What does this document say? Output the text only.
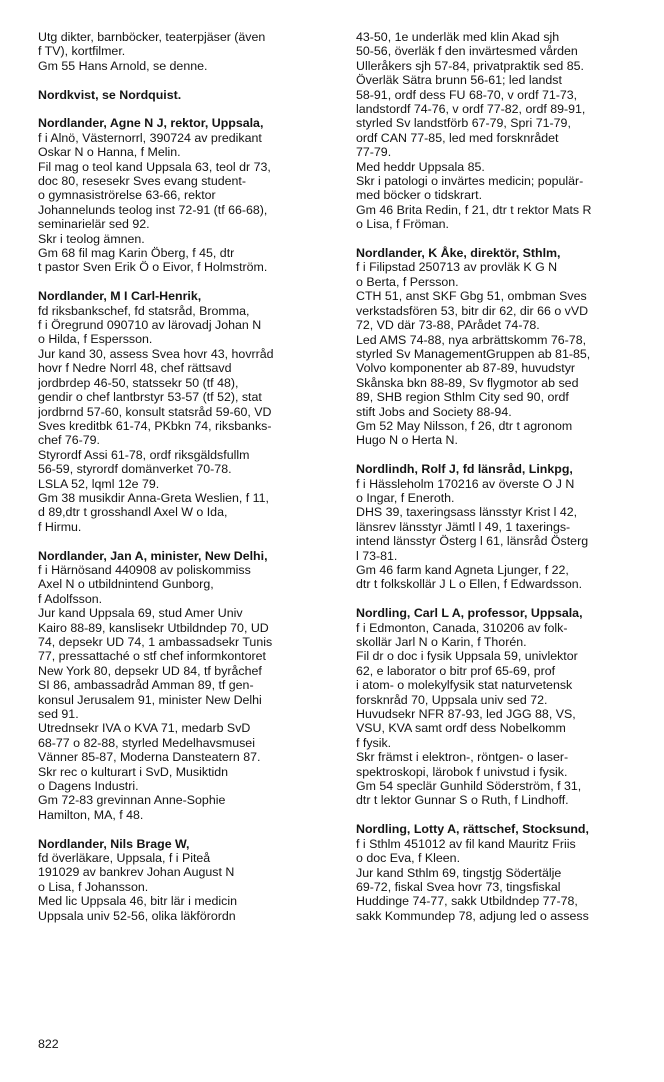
Utg dikter, barnböcker, teaterpjäser (även
f TV), kortfilmer.
Gm 55 Hans Arnold, se denne.
Nordkvist, se Nordquist.
Nordlander, Agne N J, rektor, Uppsala,
f i Alnö, Västernorrl, 390724 av predikant
Oskar N o Hanna, f Melin.
Fil mag o teol kand Uppsala 63, teol dr 73,
doc 80, resesekr Sves evang student-
o gymnasiströrelse 63-66, rektor
Johannelunds teolog inst 72-91 (tf 66-68),
seminarielär sed 92.
Skr i teolog ämnen.
Gm 68 fil mag Karin Öberg, f 45, dtr
t pastor Sven Erik Ö o Eivor, f Holmström.
Nordlander, M I Carl-Henrik,
fd riksbankschef, fd statsråd, Bromma,
f i Öregrund 090710 av lärovadj Johan N
o Hilda, f Espersson.
Jur kand 30, assess Svea hovr 43, hovrråd
hovr f Nedre Norrl 48, chef rättsavd
jordbrdep 46-50, statssekr 50 (tf 48),
gendir o chef lantbrstyr 53-57 (tf 52), stat
jordbrnd 57-60, konsult statsråd 59-60, VD
Sves kreditbk 61-74, PKbkn 74, riksbanks-
chef 76-79.
Styrordf Assi 61-78, ordf riksgäldsfullm
56-59, styrordf domänverket 70-78.
LSLA 52, lqml 12e 79.
Gm 38 musikdir Anna-Greta Weslien, f 11,
d 89,dtr t grosshandl Axel W o Ida,
f Hirmu.
Nordlander, Jan A, minister, New Delhi,
f i Härnösand 440908 av poliskommiss
Axel N o utbildnintend Gunborg,
f Adolfsson.
Jur kand Uppsala 69, stud Amer Univ
Kairo 88-89, kanslisekr Utbildndep 70, UD
74, depsekr UD 74, 1 ambassadsekr Tunis
77, pressattaché o stf chef informkontoret
New York 80, depsekr UD 84, tf byråchef
SI 86, ambassadråd Amman 89, tf gen-
konsul Jerusalem 91, minister New Delhi
sed 91.
Utrednsekr IVA o KVA 71, medarb SvD
68-77 o 82-88, styrled Medelhavsmusei
Vänner 85-87, Moderna Dansteatern 87.
Skr rec o kulturart i SvD, Musiktidn
o Dagens Industri.
Gm 72-83 grevinnan Anne-Sophie
Hamilton, MA, f 48.
Nordlander, Nils Brage W,
fd överläkare, Uppsala, f i Piteå
191029 av bankrev Johan August N
o Lisa, f Johansson.
Med lic Uppsala 46, bitr lär i medicin
Uppsala univ 52-56, olika läkförordn
43-50, 1e underläk med klin Akad sjh
50-56, överläk f den invärtesmed vården
Ulleråkers sjh 57-84, privatpraktik sed 85.
Överläk Sätra brunn 56-61; led landst
58-91, ordf dess FU 68-70, v ordf 71-73,
landstordf 74-76, v ordf 77-82, ordf 89-91,
styrled Sv landstförb 67-79, Spri 71-79,
ordf CAN 77-85, led med forsknrådet
77-79.
Med heddr Uppsala 85.
Skr i patologi o invärtes medicin; populär-
med böcker o tidskrart.
Gm 46 Brita Redin, f 21, dtr t rektor Mats R
o Lisa, f Fröman.
Nordlander, K Åke, direktör, Sthlm,
f i Filipstad 250713 av provläk K G N
o Berta, f Persson.
CTH 51, anst SKF Gbg 51, ombman Sves
verkstadsfören 53, bitr dir 62, dir 66 o vVD
72, VD där 73-88, PArådet 74-78.
Led AMS 74-88, nya arbrättskomm 76-78,
styrled Sv ManagementGruppen ab 81-85,
Volvo komponenter ab 87-89, huvudstyr
Skånska bkn 88-89, Sv flygmotor ab sed
89, SHB region Sthlm City sed 90, ordf
stift Jobs and Society 88-94.
Gm 52 May Nilsson, f 26, dtr t agronom
Hugo N o Herta N.
Nordlindh, Rolf J, fd länsråd, Linkpg,
f i Hässleholm 170216 av överste O J N
o Ingar, f Eneroth.
DHS 39, taxeringsass länsstyr Krist l 42,
länsrev länsstyr Jämtl l 49, 1 taxerings-
intend länsstyr Österg l 61, länsråd Österg
l 73-81.
Gm 46 farm kand Agneta Ljunger, f 22,
dtr t folkskollär J L o Ellen, f Edwardsson.
Nordling, Carl L A, professor, Uppsala,
f i Edmonton, Canada, 310206 av folk-
skollär Jarl N o Karin, f Thorén.
Fil dr o doc i fysik Uppsala 59, univlektor
62, e laborator o bitr prof 65-69, prof
i atom- o molekylfysik stat naturvetensk
forsknråd 70, Uppsala univ sed 72.
Huvudsekr NFR 87-93, led JGG 88, VS,
VSU, KVA samt ordf dess Nobelkomm
f fysik.
Skr främst i elektron-, röntgen- o laser-
spektroskopi, lärobok f univstud i fysik.
Gm 54 speclär Gunhild Söderström, f 31,
dtr t lektor Gunnar S o Ruth, f Lindhoff.
Nordling, Lotty A, rättschef, Stocksund,
f i Sthlm 451012 av fil kand Mauritz Friis
o doc Eva, f Kleen.
Jur kand Sthlm 69, tingstjg Södertälje
69-72, fiskal Svea hovr 73, tingsfiskal
Huddinge 74-77, sakk Utbildndep 77-78,
sakk Kommundep 78, adjung led o assess
822
